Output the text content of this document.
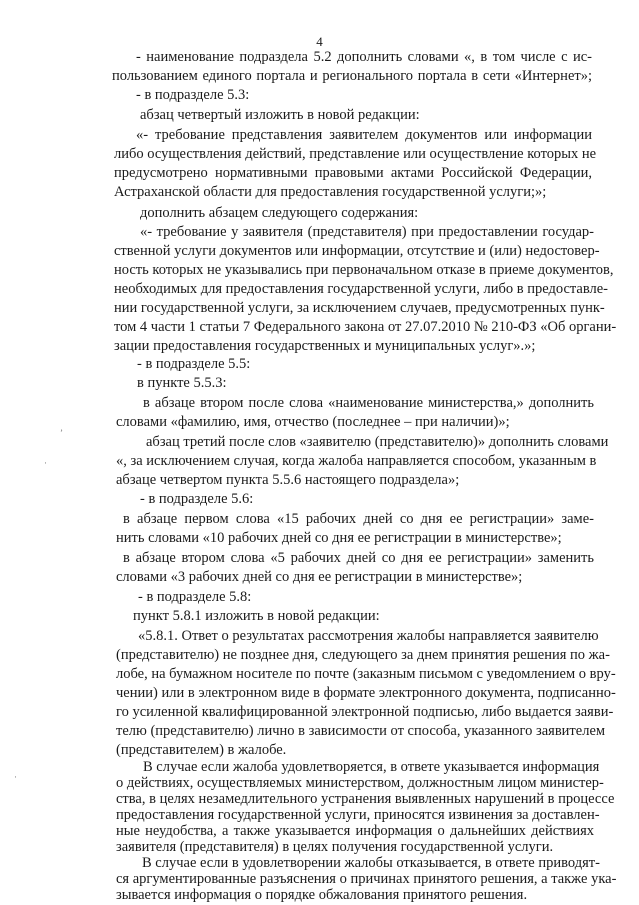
4
- наименование подраздела 5.2 дополнить словами «, в том числе с ис-
пользованием единого портала и регионального портала в сети «Интернет»;
- в подразделе 5.3:
абзац четвертый изложить в новой редакции:
«- требование представления заявителем документов или информации
либо осуществления действий, представление или осуществление которых не
предусмотрено нормативными правовыми актами Российской Федерации,
Астраханской области для предоставления государственной услуги;»;
дополнить абзацем следующего содержания:
«- требование у заявителя (представителя) при предоставлении государ-
ственной услуги документов или информации, отсутствие и (или) недостовер-
ность которых не указывались при первоначальном отказе в приеме документов,
необходимых для предоставления государственной услуги, либо в предоставле-
нии государственной услуги, за исключением случаев, предусмотренных пунк-
том 4 части 1 статьи 7 Федерального закона от 27.07.2010 № 210-ФЗ «Об органи-
зации предоставления государственных и муниципальных услуг».»;
- в подразделе 5.5:
в пункте 5.5.3:
в абзаце втором после слова «наименование министерства,» дополнить
словами «фамилию, имя, отчество (последнее – при наличии)»;
абзац третий после слов «заявителю (представителю)» дополнить словами
«, за исключением случая, когда жалоба направляется способом, указанным в
абзаце четвертом пункта 5.5.6 настоящего подраздела»;
- в подразделе 5.6:
в абзаце первом слова «15 рабочих дней со дня ее регистрации» заме-
нить словами «10 рабочих дней со дня ее регистрации в министерстве»;
в абзаце втором слова «5 рабочих дней со дня ее регистрации» заменить
словами «3 рабочих дней со дня ее регистрации в министерстве»;
- в подразделе 5.8:
пункт 5.8.1 изложить в новой редакции:
«5.8.1. Ответ о результатах рассмотрения жалобы направляется заявителю
(представителю) не позднее дня, следующего за днем принятия решения по жа-
лобе, на бумажном носителе по почте (заказным письмом с уведомлением о вру-
чении) или в электронном виде в формате электронного документа, подписанно-
го усиленной квалифицированной электронной подписью, либо выдается заяви-
телю (представителю) лично в зависимости от способа, указанного заявителем
(представителем) в жалобе.
В случае если жалоба удовлетворяется, в ответе указывается информация
о действиях, осуществляемых министерством, должностным лицом министер-
ства, в целях незамедлительного устранения выявленных нарушений в процессе
предоставления государственной услуги, приносятся извинения за доставлен-
ные неудобства, а также указывается информация о дальнейших действиях
заявителя (представителя) в целях получения государственной услуги.
В случае если в удовлетворении жалобы отказывается, в ответе приводят-
ся аргументированные разъяснения о причинах принятого решения, а также ука-
зывается информация о порядке обжалования принятого решения.
ʼ
·
·
